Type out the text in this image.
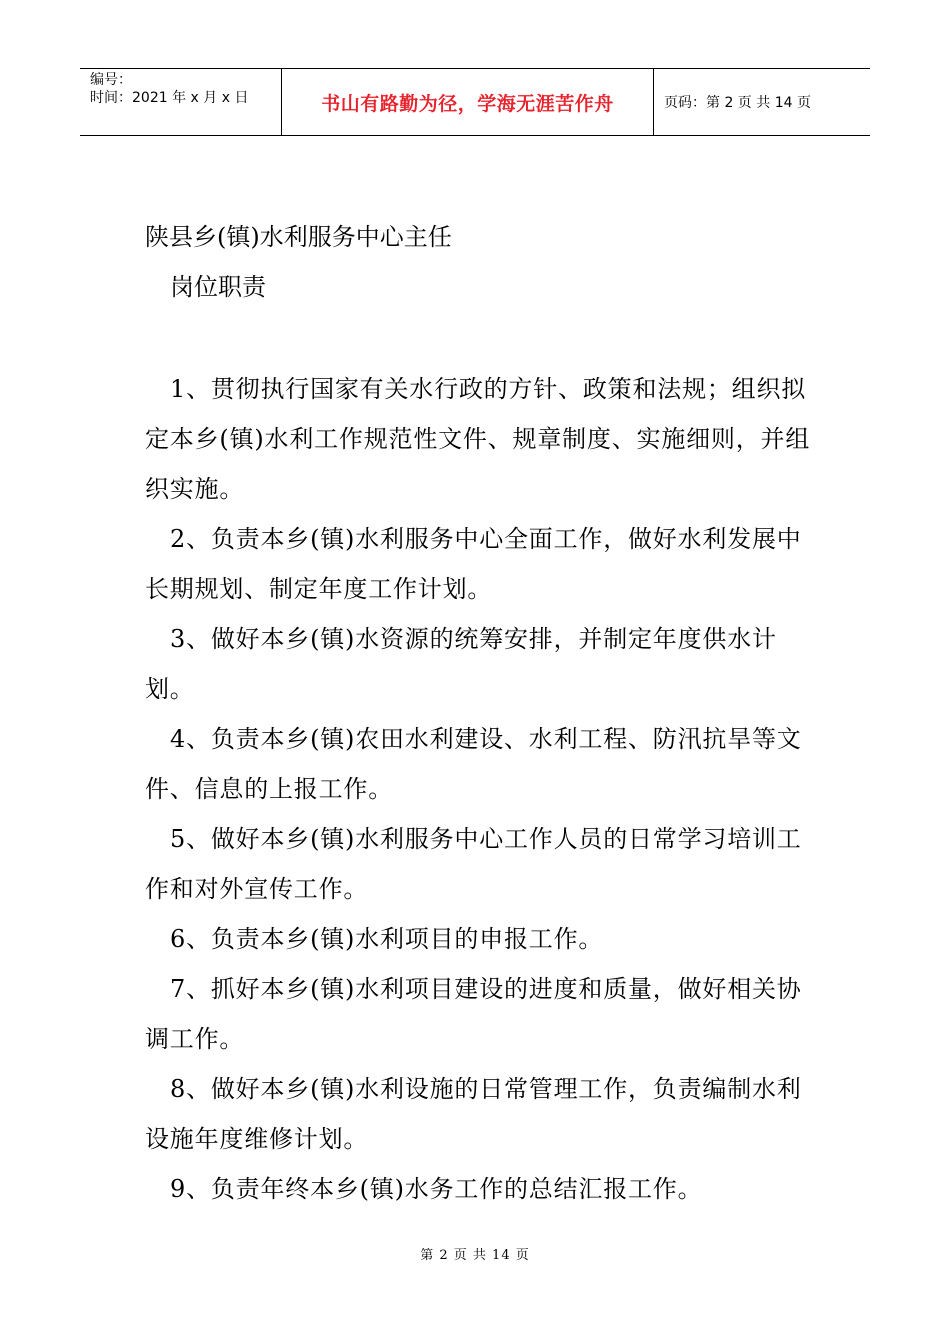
编号：
时间：2021 年 x 月 x 日	书山有路勤为径，学海无涯苦作舟	页码：第 2 页 共 14 页
陕县乡(镇)水利服务中心主任
岗位职责

1、贯彻执行国家有关水行政的方针、政策和法规；组织拟定本乡(镇)水利工作规范性文件、规章制度、实施细则，并组织实施。

2、负责本乡(镇)水利服务中心全面工作，做好水利发展中长期规划、制定年度工作计划。

3、做好本乡(镇)水资源的统筹安排，并制定年度供水计划。

4、负责本乡(镇)农田水利建设、水利工程、防汛抗旱等文件、信息的上报工作。

5、做好本乡(镇)水利服务中心工作人员的日常学习培训工作和对外宣传工作。

6、负责本乡(镇)水利项目的申报工作。

7、抓好本乡(镇)水利项目建设的进度和质量，做好相关协调工作。

8、做好本乡(镇)水利设施的日常管理工作，负责编制水利设施年度维修计划。

9、负责年终本乡(镇)水务工作的总结汇报工作。

第 2 页 共 14 页
